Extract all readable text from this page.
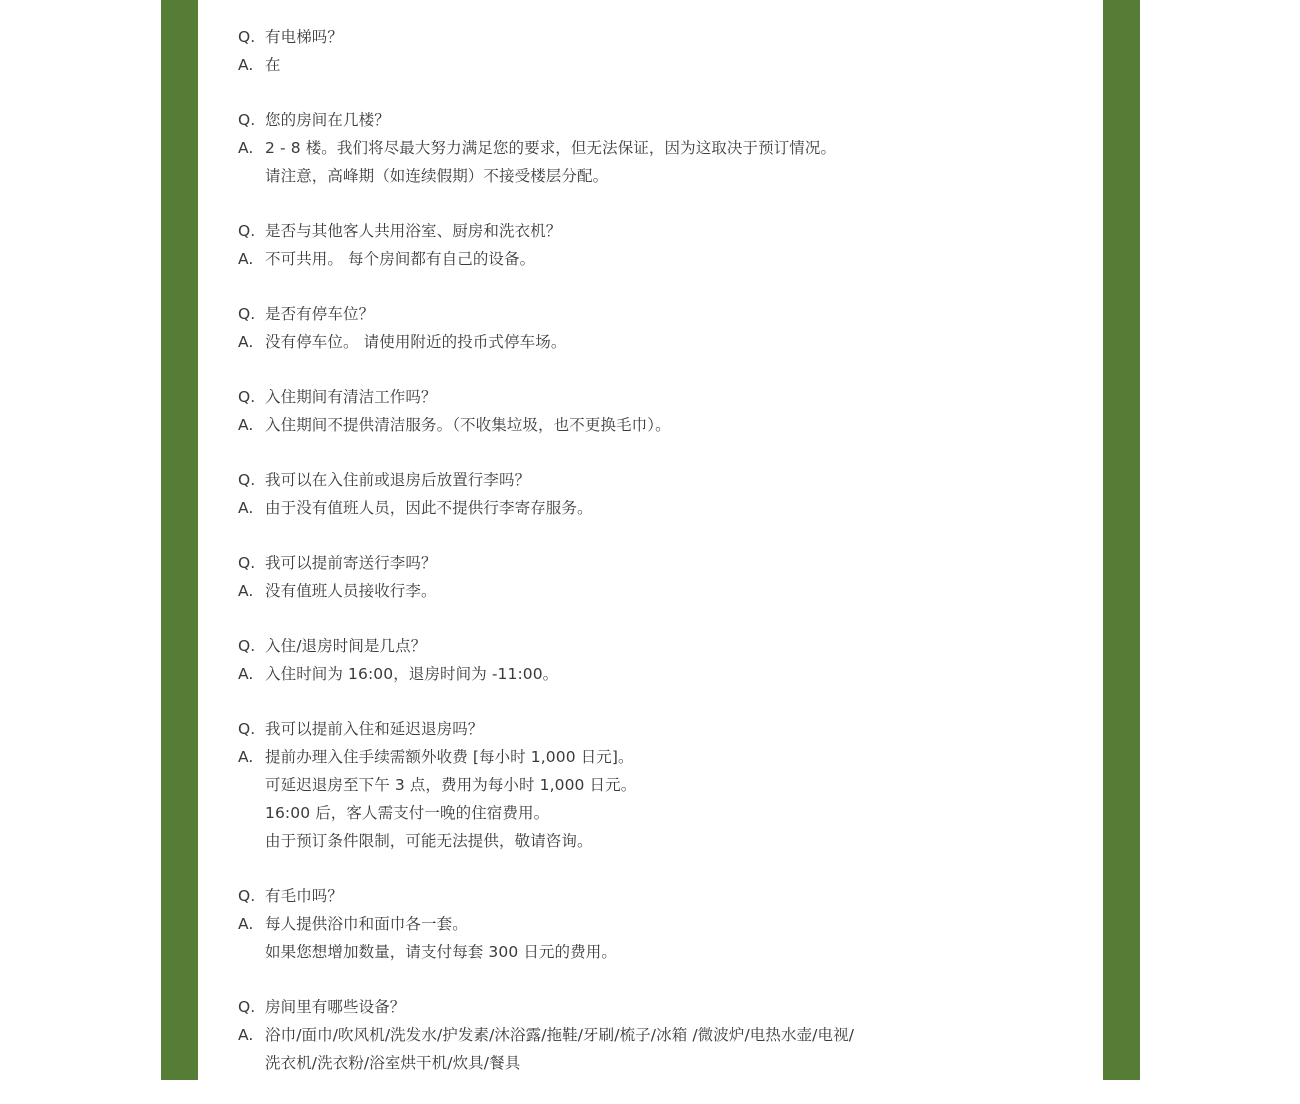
Q. 有电梯吗？
A. 在
Q. 您的房间在几楼？
A. 2 - 8 楼。我们将尽最大努力满足您的要求，但无法保证，因为这取决于预订情况。
请注意，高峰期（如连续假期）不接受楼层分配。
Q. 是否与其他客人共用浴室、厨房和洗衣机？
A. 不可共用。 每个房间都有自己的设备。
Q. 是否有停车位？
A. 没有停车位。 请使用附近的投币式停车场。
Q. 入住期间有清洁工作吗？
A. 入住期间不提供清洁服务。（不收集垃圾，也不更换毛巾）。
Q. 我可以在入住前或退房后放置行李吗？
A. 由于没有值班人员，因此不提供行李寄存服务。
Q. 我可以提前寄送行李吗？
A. 没有值班人员接收行李。
Q. 入住/退房时间是几点？
A. 入住时间为 16:00，退房时间为 -11:00。
Q. 我可以提前入住和延迟退房吗？
A. 提前办理入住手续需额外收费 [每小时 1,000 日元]。
可延迟退房至下午 3 点，费用为每小时 1,000 日元。
16:00 后，客人需支付一晚的住宿费用。
由于预订条件限制，可能无法提供，敬请咨询。
Q. 有毛巾吗？
A. 每人提供浴巾和面巾各一套。
如果您想增加数量，请支付每套 300 日元的费用。
Q. 房间里有哪些设备？
A. 浴巾/面巾/吹风机/洗发水/护发素/沐浴露/拖鞋/牙刷/梳子/冰箱 /微波炉/电热水壶/电视/
洗衣机/洗衣粉/浴室烘干机/炊具/餐具
